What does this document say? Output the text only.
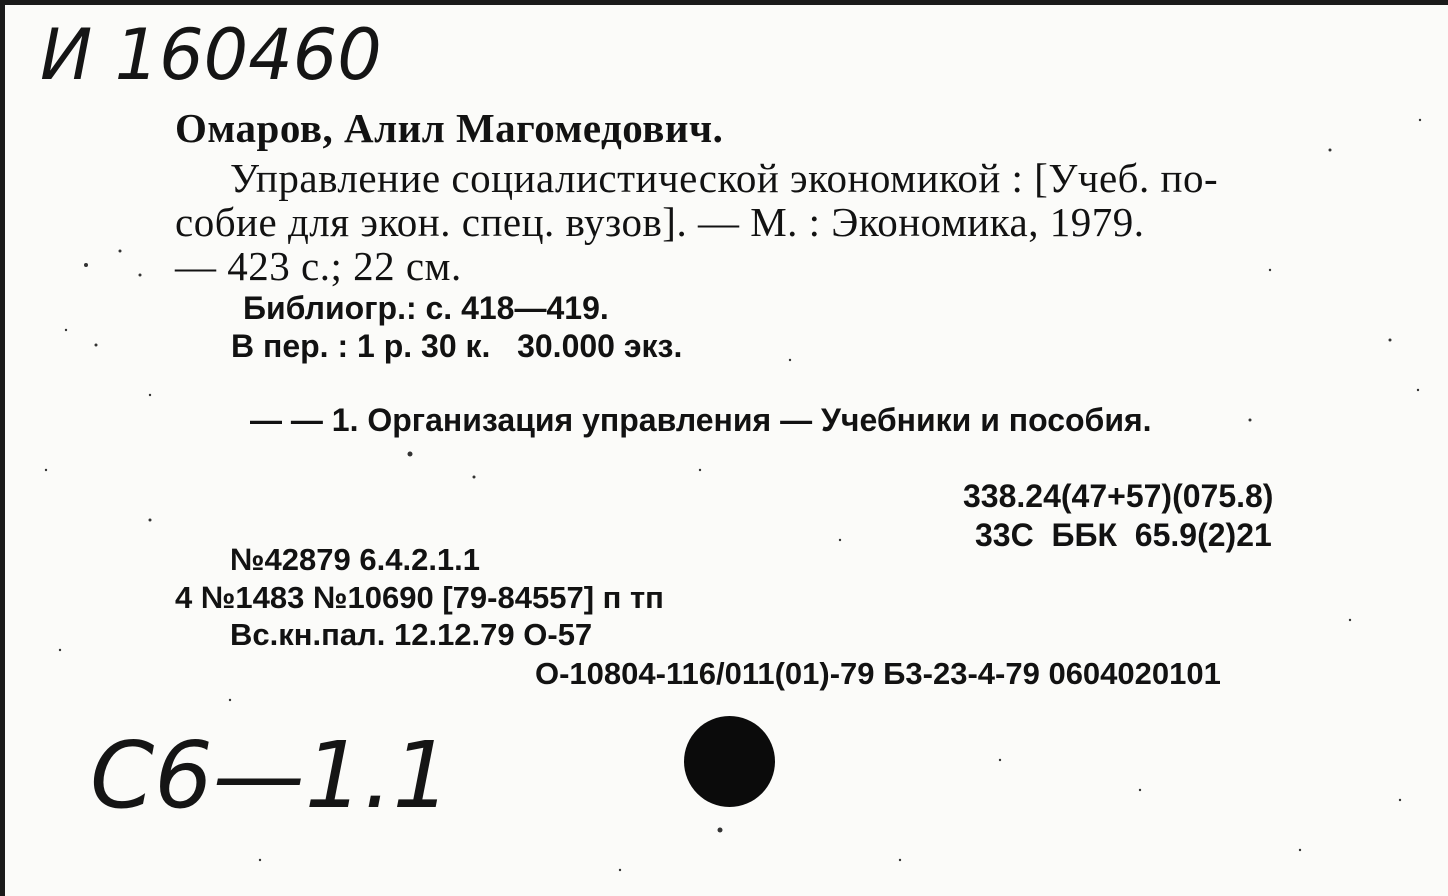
И 160460
Омаров, Алил Магомедович.
Управление социалистической экономикой : [Учеб. по-
собие для экон. спец. вузов]. — М. : Экономика, 1979.
— 423 с.; 22 см.
Библиогр.: с. 418—419.
В пер. : 1 р. 30 к.   30.000 экз.
— — 1. Организация управления — Учебники и пособия.
338.24(47+57)(075.8)
33С  ББК  65.9(2)21
№42879 6.4.2.1.1
4 №1483 №10690 [79-84557] п тп
Вс.кн.пал. 12.12.79 О-57
О-10804-116/011(01)-79 Б3-23-4-79 0604020101
С6—1.1
